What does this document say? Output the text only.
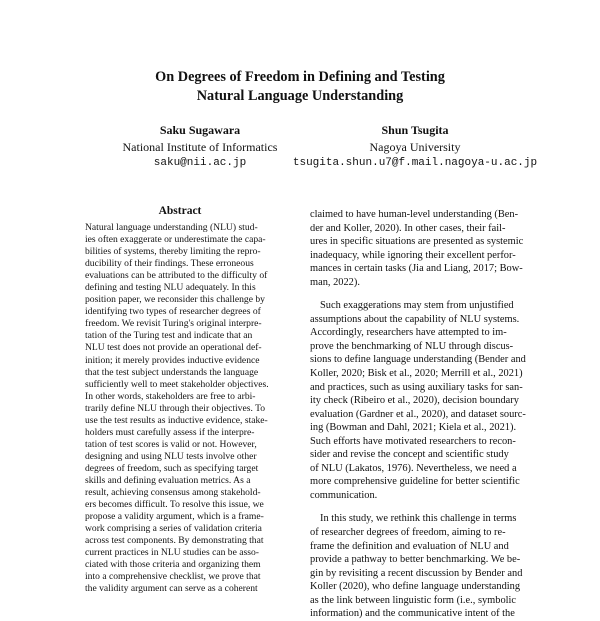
On Degrees of Freedom in Defining and Testing
Natural Language Understanding
Saku Sugawara
National Institute of Informatics
saku@nii.ac.jp
Shun Tsugita
Nagoya University
tsugita.shun.u7@f.mail.nagoya-u.ac.jp
Abstract
Natural language understanding (NLU) stud-
ies often exaggerate or underestimate the capa-
bilities of systems, thereby limiting the repro-
ducibility of their findings. These erroneous
evaluations can be attributed to the difficulty of
defining and testing NLU adequately. In this
position paper, we reconsider this challenge by
identifying two types of researcher degrees of
freedom. We revisit Turing's original interpre-
tation of the Turing test and indicate that an
NLU test does not provide an operational def-
inition; it merely provides inductive evidence
that the test subject understands the language
sufficiently well to meet stakeholder objectives.
In other words, stakeholders are free to arbi-
trarily define NLU through their objectives. To
use the test results as inductive evidence, stake-
holders must carefully assess if the interpre-
tation of test scores is valid or not. However,
designing and using NLU tests involve other
degrees of freedom, such as specifying target
skills and defining evaluation metrics. As a
result, achieving consensus among stakehold-
ers becomes difficult. To resolve this issue, we
propose a validity argument, which is a frame-
work comprising a series of validation criteria
across test components. By demonstrating that
current practices in NLU studies can be asso-
ciated with those criteria and organizing them
into a comprehensive checklist, we prove that
the validity argument can serve as a coherent
claimed to have human-level understanding (Ben-
der and Koller, 2020). In other cases, their fail-
ures in specific situations are presented as systemic
inadequacy, while ignoring their excellent perfor-
mances in certain tasks (Jia and Liang, 2017; Bow-
man, 2022).
Such exaggerations may stem from unjustified
assumptions about the capability of NLU systems.
Accordingly, researchers have attempted to im-
prove the benchmarking of NLU through discus-
sions to define language understanding (Bender and
Koller, 2020; Bisk et al., 2020; Merrill et al., 2021)
and practices, such as using auxiliary tasks for san-
ity check (Ribeiro et al., 2020), decision boundary
evaluation (Gardner et al., 2020), and dataset sourc-
ing (Bowman and Dahl, 2021; Kiela et al., 2021).
Such efforts have motivated researchers to recon-
sider and revise the concept and scientific study
of NLU (Lakatos, 1976). Nevertheless, we need a
more comprehensive guideline for better scientific
communication.
In this study, we rethink this challenge in terms
of researcher degrees of freedom, aiming to re-
frame the definition and evaluation of NLU and
provide a pathway to better benchmarking. We be-
gin by revisiting a recent discussion by Bender and
Koller (2020), who define language understanding
as the link between linguistic form (i.e., symbolic
information) and the communicative intent of the
